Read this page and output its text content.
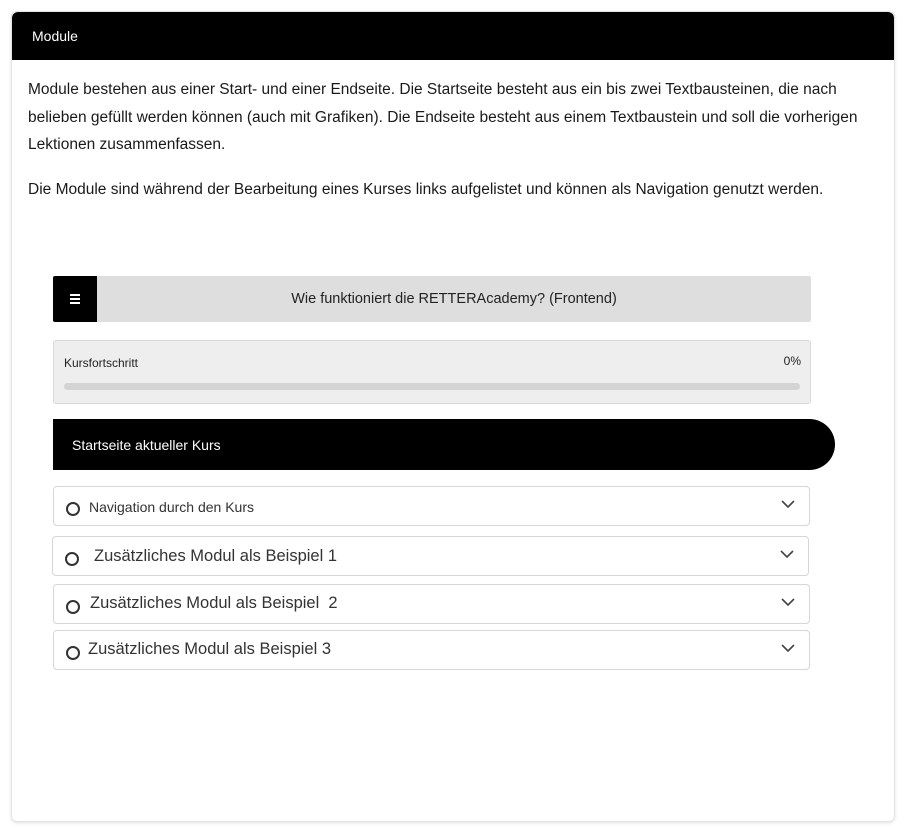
Module

Module bestehen aus einer Start- und einer Endseite. Die Startseite besteht aus ein bis zwei Textbausteinen, die nach belieben gefüllt werden können (auch mit Grafiken). Die Endseite besteht aus einem Textbaustein und soll die vorherigen Lektionen zusammenfassen.

Die Module sind während der Bearbeitung eines Kurses links aufgelistet und können als Navigation genutzt werden.

Wie funktioniert die RETTERAcademy? (Frontend)
Kursfortschritt	0%
Startseite aktueller Kurs
Navigation durch den Kurs
Zusätzliches Modul als Beispiel 1
Zusätzliches Modul als Beispiel  2
Zusätzliches Modul als Beispiel 3
